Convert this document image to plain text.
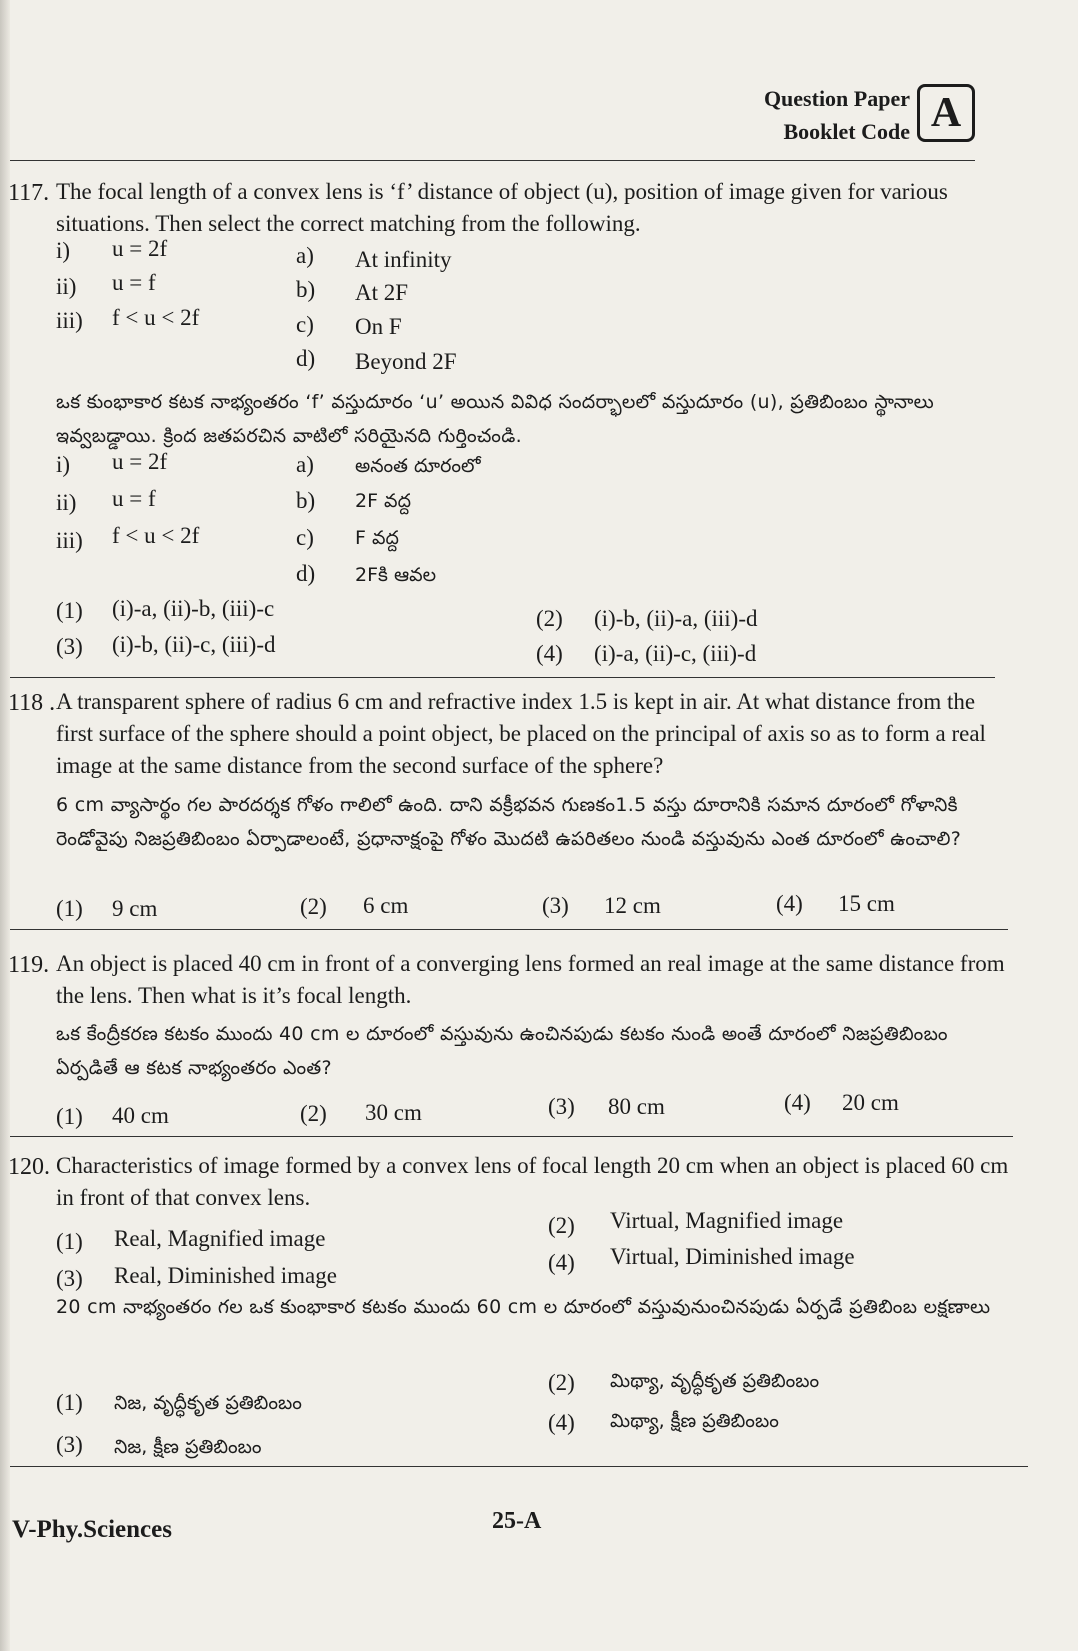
Question Paper
Booklet Code A
117. The focal length of a convex lens is ‘f’ distance of object (u), position of image given for various situations. Then select the correct matching from the following.
i) u = 2f
ii) u = f
iii) f < u < 2f
a) At infinity
b) At 2F
c) On F
d) Beyond 2F
ఒక కుంభాకార కటక నాభ్యంతరం ‘f’ వస్తుదూరం ‘u’ అయిన వివిధ సందర్భాలలో వస్తుదూరం (u), ప్రతిబింబం స్థానాలు ఇవ్వబడ్డాయి. క్రింద జతపరచిన వాటిలో సరియైనది గుర్తించండి.
i) u = 2f
ii) u = f
iii) f < u < 2f
a) అనంత దూరంలో
b) 2F వద్ద
c) F వద్ద
d) 2Fకి ఆవల
(1) (i)-a, (ii)-b, (iii)-c	(2) (i)-b, (ii)-a, (iii)-d
(3) (i)-b, (ii)-c, (iii)-d	(4) (i)-a, (ii)-c, (iii)-d
118 . A transparent sphere of radius 6 cm and refractive index 1.5 is kept in air. At what distance from the first surface of the sphere should a point object, be placed on the principal of axis so as to form a real image at the same distance from the second surface of the sphere?
6 cm వ్యాసార్థం గల పారదర్శక గోళం గాలిలో ఉంది. దాని వక్రీభవన గుణకం1.5 వస్తు దూరానికి సమాన దూరంలో గోళానికి రెండోవైపు నిజప్రతిబింబం ఏర్పాడాలంటే, ప్రధానాక్షంపై గోళం మొదటి ఉపరితలం నుండి వస్తువును ఎంత దూరంలో ఉంచాలి?
(1) 9 cm	(2) 6 cm	(3) 12 cm	(4) 15 cm
119. An object is placed 40 cm in front of a converging lens formed an real image at the same distance from the lens. Then what is it’s focal length.
ఒక కేంద్రీకరణ కటకం ముందు 40 cm ల దూరంలో వస్తువును ఉంచినపుడు కటకం నుండి అంతే దూరంలో నిజప్రతిబింబం ఏర్పడితే ఆ కటక నాభ్యంతరం ఎంత?
(1) 40 cm	(2) 30 cm	(3) 80 cm	(4) 20 cm
120. Characteristics of image formed by a convex lens of focal length 20 cm when an object is placed 60 cm in front of that convex lens.
(1) Real, Magnified image
(2) Virtual, Magnified image
(3) Real, Diminished image
(4) Virtual, Diminished image
20 cm నాభ్యంతరం గల ఒక కుంభాకార కటకం ముందు 60 cm ల దూరంలో వస్తువునుంచినపుడు ఏర్పడే ప్రతిబింబ లక్షణాలు
(1) నిజ, వృద్ధీకృత ప్రతిబింబం
(2) మిథ్యా, వృద్ధీకృత ప్రతిబింబం
(3) నిజ, క్షీణ ప్రతిబింబం
(4) మిథ్యా, క్షీణ ప్రతిబింబం
V-Phy.Sciences	25-A
